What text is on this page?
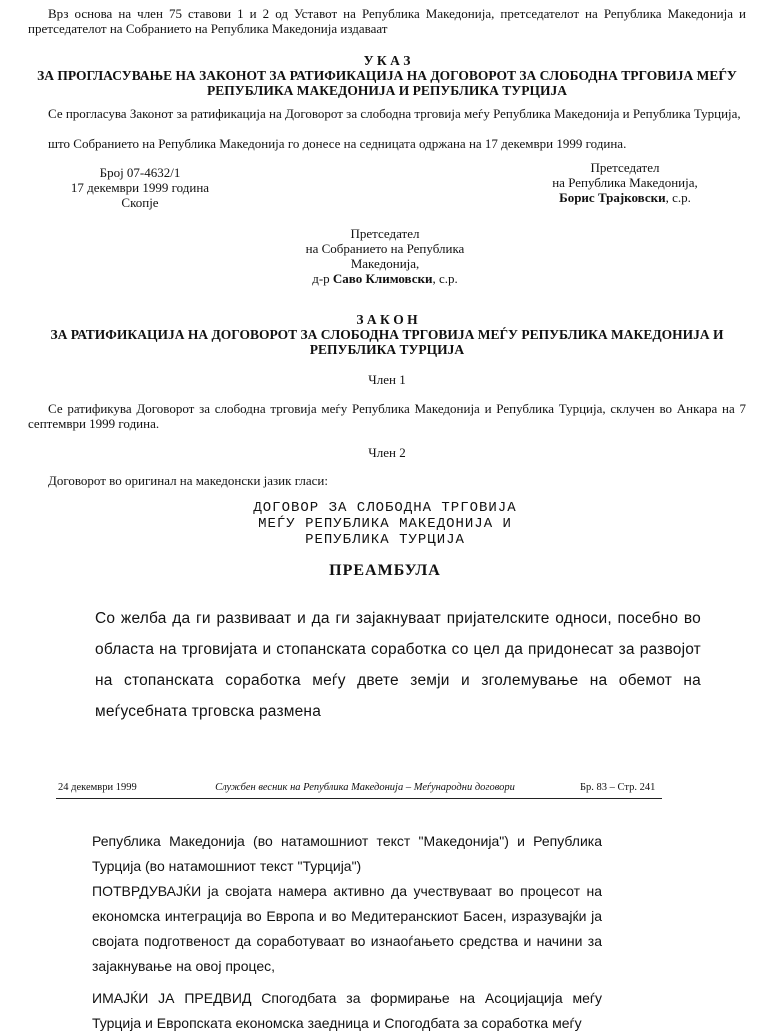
Врз основа на член 75 ставови 1 и 2 од Уставот на Република Македонија, претседателот на Република Македонија и претседателот на Собранието на Република Македонија издаваат

У К А З
ЗА ПРОГЛАСУВАЊЕ НА ЗАКОНОТ ЗА РАТИФИКАЦИЈА НА ДОГОВОРОТ ЗА СЛОБОДНА ТРГОВИЈА МЕЃУ РЕПУБЛИКА МАКЕДОНИЈА И РЕПУБЛИКА ТУРЦИЈА

Се прогласува Законот за ратификација на Договорот за слободна трговија меѓу Република Македонија и Република Турција,

што Собранието на Република Македонија го донесе на седницата одржана на 17 декември 1999 година.

Број 07-4632/1
17 декември 1999 година
Скопје
Претседател
на Република Македонија,
Борис Трајковски, с.р.
Претседател
на Собранието на Република
Македонија,
д-р Саво Климовски, с.р.
З А К О Н
ЗА РАТИФИКАЦИЈА НА ДОГОВОРОТ ЗА СЛОБОДНА ТРГОВИЈА МЕЃУ РЕПУБЛИКА МАКЕДОНИЈА И РЕПУБЛИКА ТУРЦИЈА
Член 1

Се ратификува Договорот за слободна трговија меѓу Република Македонија и Република Турција, склучен во Анкара на 7 септември 1999 година.

Член 2

Договорот во оригинал на македонски јазик гласи:

ДОГОВОР ЗА СЛОБОДНА ТРГОВИЈА
МЕЃУ РЕПУБЛИКА МАКЕДОНИЈА И
РЕПУБЛИКА ТУРЦИЈА
ПРЕАМБУЛА

Со желба да ги развиваат и да ги зајакнуваат пријателските односи, посебно во областа на трговијата и стопанската соработка со цел да придонесат за развојот на стопанската соработка меѓу двете земји и зголемување на обемот на меѓусебната трговска размена

24 декември 1999	Службен весник на Република Македонија – Меѓународни договори	Бр. 83 – Стр. 241

Република Македонија (во натамошниот текст "Македонија") и Република Турција (во натамошниот текст "Турција")

ПОТВРДУВАЈЌИ ја својата намера активно да учествуваат во процесот на економска интеграција во Европа и во Медитеранскиот Басен, изразувајќи ја својата подготвеност да соработуваат во изнаоѓањето средства и начини за зајакнување на овој процес,

ИМАЈЌИ ЈА ПРЕДВИД Спогодбата за формирање на Асоцијација меѓу Турција и Европската економска заедница и Спогодбата за соработка меѓу
